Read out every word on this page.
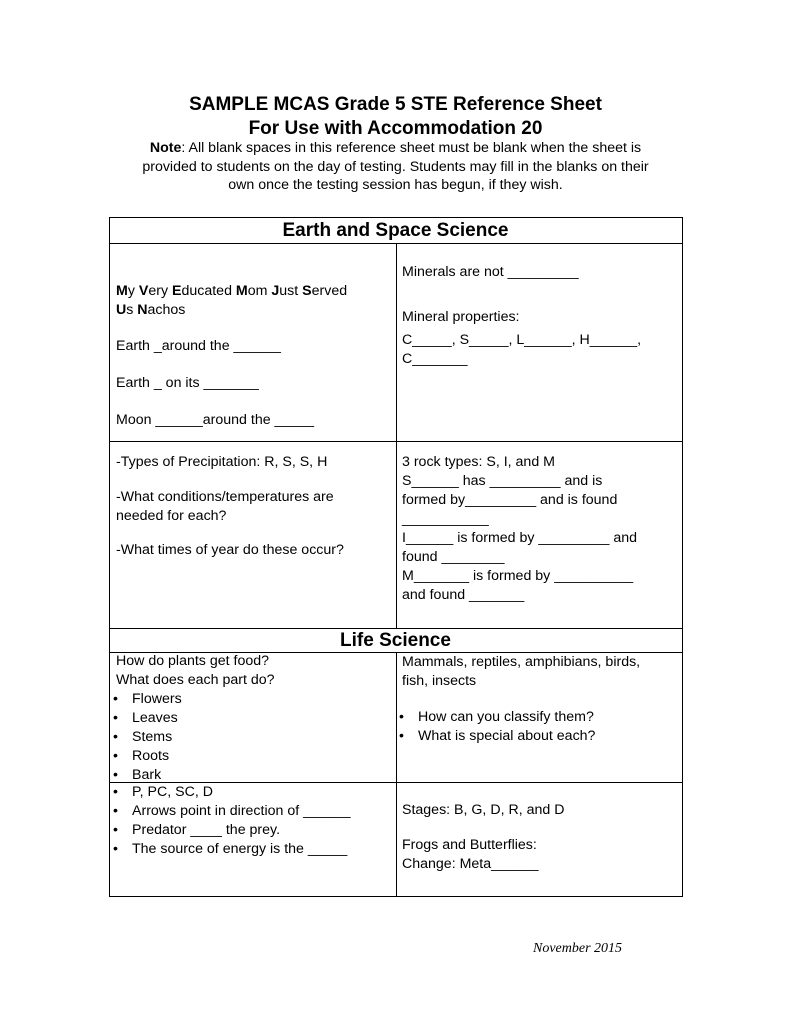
SAMPLE MCAS Grade 5 STE Reference Sheet
For Use with Accommodation 20
Note: All blank spaces in this reference sheet must be blank when the sheet is
provided to students on the day of testing. Students may fill in the blanks on their
own once the testing session has begun, if they wish.
Earth and Space Science
My Very Educated Mom Just Served
Us Nachos
Earth _around the ______
Earth _ on its _______
Moon ______around the _____
Minerals are not _________
Mineral properties:
C_____, S_____, L______, H______,
C_______
-Types of Precipitation: R, S, S, H
-What conditions/temperatures are
needed for each?
-What times of year do these occur?
3 rock types: S, I, and M
S______ has _________ and is
formed by_________ and is found
___________
I______ is formed by _________ and
found ________
M_______ is formed by __________
and found _______
Life Science
How do plants get food?
What does each part do?
• Flowers
• Leaves
• Stems
• Roots
• Bark
Mammals, reptiles, amphibians, birds,
fish, insects
• How can you classify them?
• What is special about each?
• P, PC, SC, D
• Arrows point in direction of ______
• Predator ____ the prey.
• The source of energy is the _____
Stages: B, G, D, R, and D
Frogs and Butterflies:
Change: Meta______
November 2015
